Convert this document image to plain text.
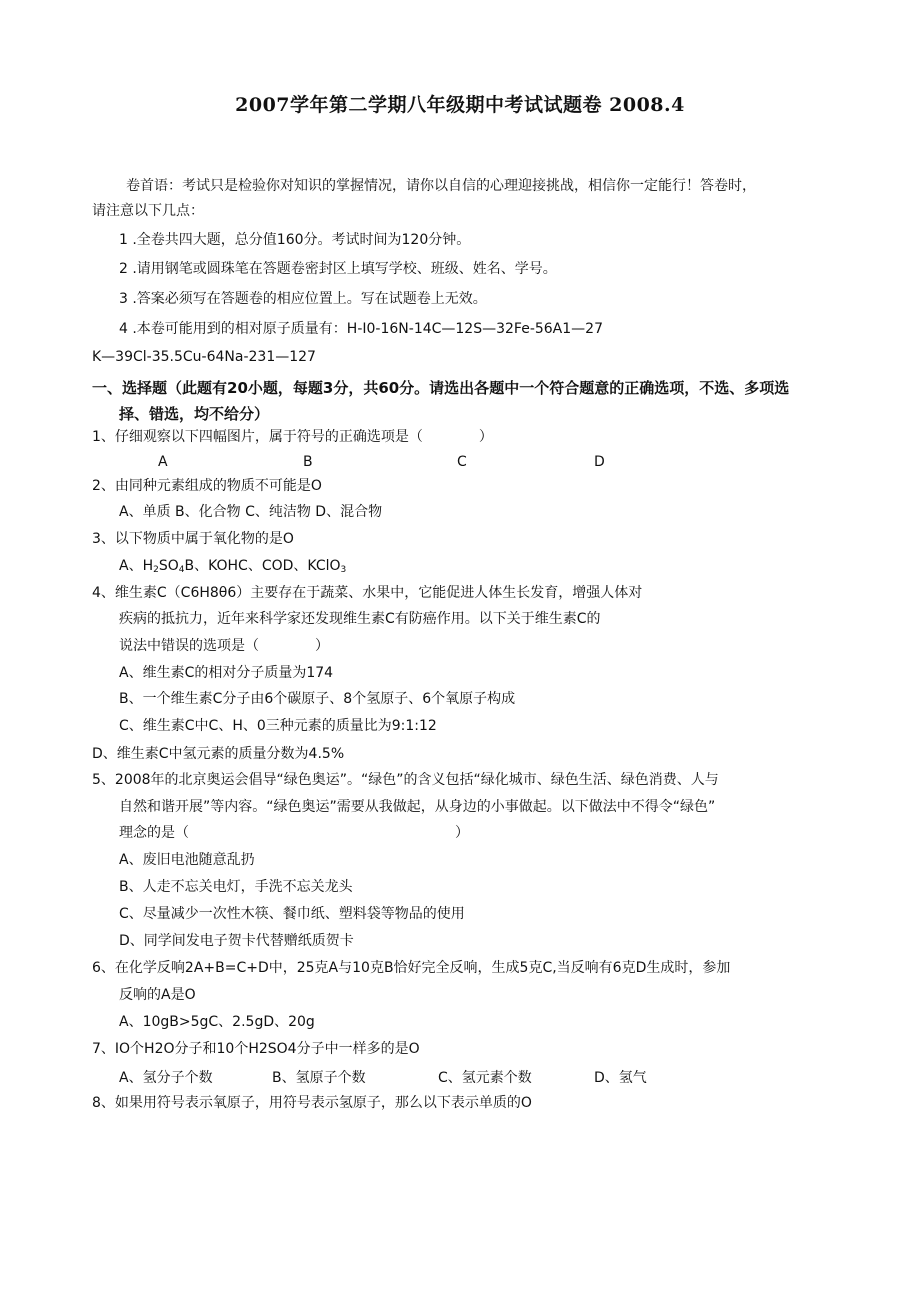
2007学年第二学期八年级期中考试试题卷 2008.4
卷首语：考试只是检验你对知识的掌握情况，请你以自信的心理迎接挑战，相信你一定能行！答卷时，
请注意以下几点：
1 .全卷共四大题，总分值160分。考试时间为120分钟。
2 .请用钢笔或圆珠笔在答题卷密封区上填写学校、班级、姓名、学号。
3 .答案必须写在答题卷的相应位置上。写在试题卷上无效。
4 .本卷可能用到的相对原子质量有：H-I0-16N-14C—12S—32Fe-56A1—27
K—39Cl-35.5Cu-64Na-231—127
一、选择题（此题有20小题，每题3分，共60分。请选出各题中一个符合题意的正确选项，不选、多项选
择、错选，均不给分）
1、仔细观察以下四幅图片，属于符号的正确选项是（　　　　）
A	B	C	D
2、由同种元素组成的物质不可能是O
A、单质 B、化合物 C、纯洁物 D、混合物
3、以下物质中属于氧化物的是O
A、$H_2SO_4B$、KOHC、COD、KClO$_3$
4、维生素C（C6H8θ6）主要存在于蔬菜、水果中，它能促进人体生长发育，增强人体对
疾病的抵抗力，近年来科学家还发现维生素C有防癌作用。以下关于维生素C的
说法中错误的选项是（　　　　）
A、维生素C的相对分子质量为174
B、一个维生素C分子由6个碳原子、8个氢原子、6个氧原子构成
C、维生素C中C、H、0三种元素的质量比为9:1:12
D、维生素C中氢元素的质量分数为4.5%
5、2008年的北京奥运会倡导“绿色奥运”。“绿色”的含义包括“绿化城市、绿色生活、绿色消费、人与
自然和谐开展”等内容。“绿色奥运”需要从我做起，从身边的小事做起。以下做法中不得令“绿色”
理念的是（　　　　　　　　　　　　　　　　　　　）
A、废旧电池随意乱扔
B、人走不忘关电灯，手洗不忘关龙头
C、尽量减少一次性木筷、餐巾纸、塑料袋等物品的使用
D、同学间发电子贺卡代替赠纸质贺卡
6、在化学反响2A+B=C+D中，25克A与10克B恰好完全反响，生成5克C,当反响有6克D生成时，参加
反响的A是O
A、10gB>5gC、2.5gD、20g
7、IO个H2O分子和10个H2SO4分子中一样多的是O
A、氢分子个数	B、氢原子个数	C、氢元素个数	D、氢气
8、如果用符号表示氧原子，用符号表示氢原子，那么以下表示单质的O
